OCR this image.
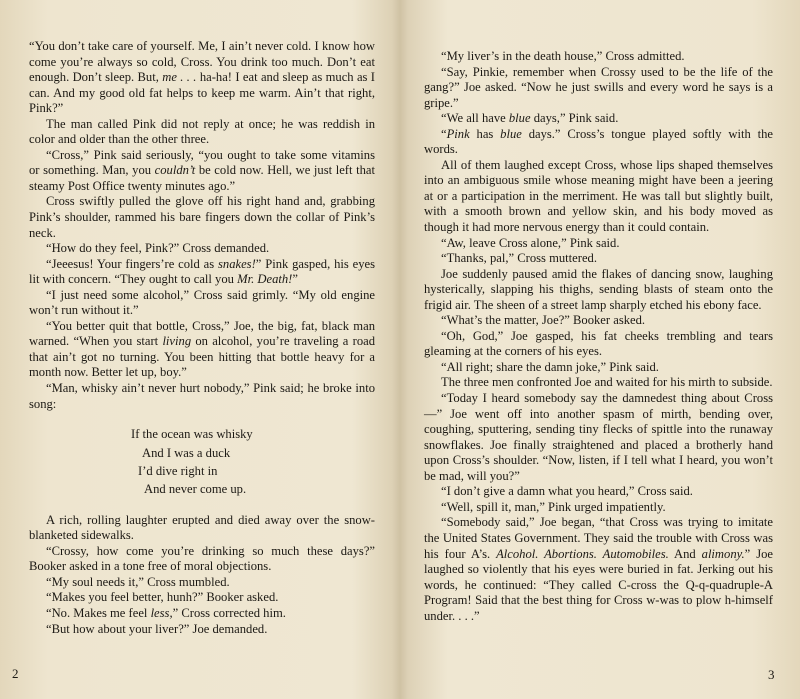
“You don’t take care of yourself. Me, I ain’t never cold. I know how come you’re always so cold, Cross. You drink too much. Don’t eat enough. Don’t sleep. But, me . . . ha-ha! I eat and sleep as much as I can. And my good old fat helps to keep me warm. Ain’t that right, Pink?”

The man called Pink did not reply at once; he was reddish in color and older than the other three.

“Cross,” Pink said seriously, “you ought to take some vitamins or something. Man, you couldn’t be cold now. Hell, we just left that steamy Post Office twenty minutes ago.”

Cross swiftly pulled the glove off his right hand and, grabbing Pink’s shoulder, rammed his bare fingers down the collar of Pink’s neck.

“How do they feel, Pink?” Cross demanded.

“Jeeesus! Your fingers’re cold as snakes!” Pink gasped, his eyes lit with concern. “They ought to call you Mr. Death!”

“I just need some alcohol,” Cross said grimly. “My old engine won’t run without it.”

“You better quit that bottle, Cross,” Joe, the big, fat, black man warned. “When you start living on alcohol, you’re traveling a road that ain’t got no turning. You been hitting that bottle heavy for a month now. Better let up, boy.”

“Man, whisky ain’t never hurt nobody,” Pink said; he broke into song:

If the ocean was whisky
And I was a duck
I’d dive right in
And never come up.

A rich, rolling laughter erupted and died away over the snow-blanketed sidewalks.

“Crossy, how come you’re drinking so much these days?” Booker asked in a tone free of moral objections.

“My soul needs it,” Cross mumbled.

“Makes you feel better, hunh?” Booker asked.

“No. Makes me feel less,” Cross corrected him.

“But how about your liver?” Joe demanded.

2

“My liver’s in the death house,” Cross admitted.

“Say, Pinkie, remember when Crossy used to be the life of the gang?” Joe asked. “Now he just swills and every word he says is a gripe.”

“We all have blue days,” Pink said.

“Pink has blue days.” Cross’s tongue played softly with the words.

All of them laughed except Cross, whose lips shaped themselves into an ambiguous smile whose meaning might have been a jeering at or a participation in the merriment. He was tall but slightly built, with a smooth brown and yellow skin, and his body moved as though it had more nervous energy than it could contain.

“Aw, leave Cross alone,” Pink said.

“Thanks, pal,” Cross muttered.

Joe suddenly paused amid the flakes of dancing snow, laughing hysterically, slapping his thighs, sending blasts of steam onto the frigid air. The sheen of a street lamp sharply etched his ebony face.

“What’s the matter, Joe?” Booker asked.

“Oh, God,” Joe gasped, his fat cheeks trembling and tears gleaming at the corners of his eyes.

“All right; share the damn joke,” Pink said.

The three men confronted Joe and waited for his mirth to subside.

“Today I heard somebody say the damnedest thing about Cross—” Joe went off into another spasm of mirth, bending over, coughing, sputtering, sending tiny flecks of spittle into the runaway snowflakes. Joe finally straightened and placed a brotherly hand upon Cross’s shoulder. “Now, listen, if I tell what I heard, you won’t be mad, will you?”

“I don’t give a damn what you heard,” Cross said.

“Well, spill it, man,” Pink urged impatiently.

“Somebody said,” Joe began, “that Cross was trying to imitate the United States Government. They said the trouble with Cross was his four A’s. Alcohol. Abortions. Automobiles. And alimony.” Joe laughed so violently that his eyes were buried in fat. Jerking out his words, he continued: “They called C-cross the Q-q-quadruple-A Program! Said that the best thing for Cross w-was to plow h-himself under. . . .”

3
